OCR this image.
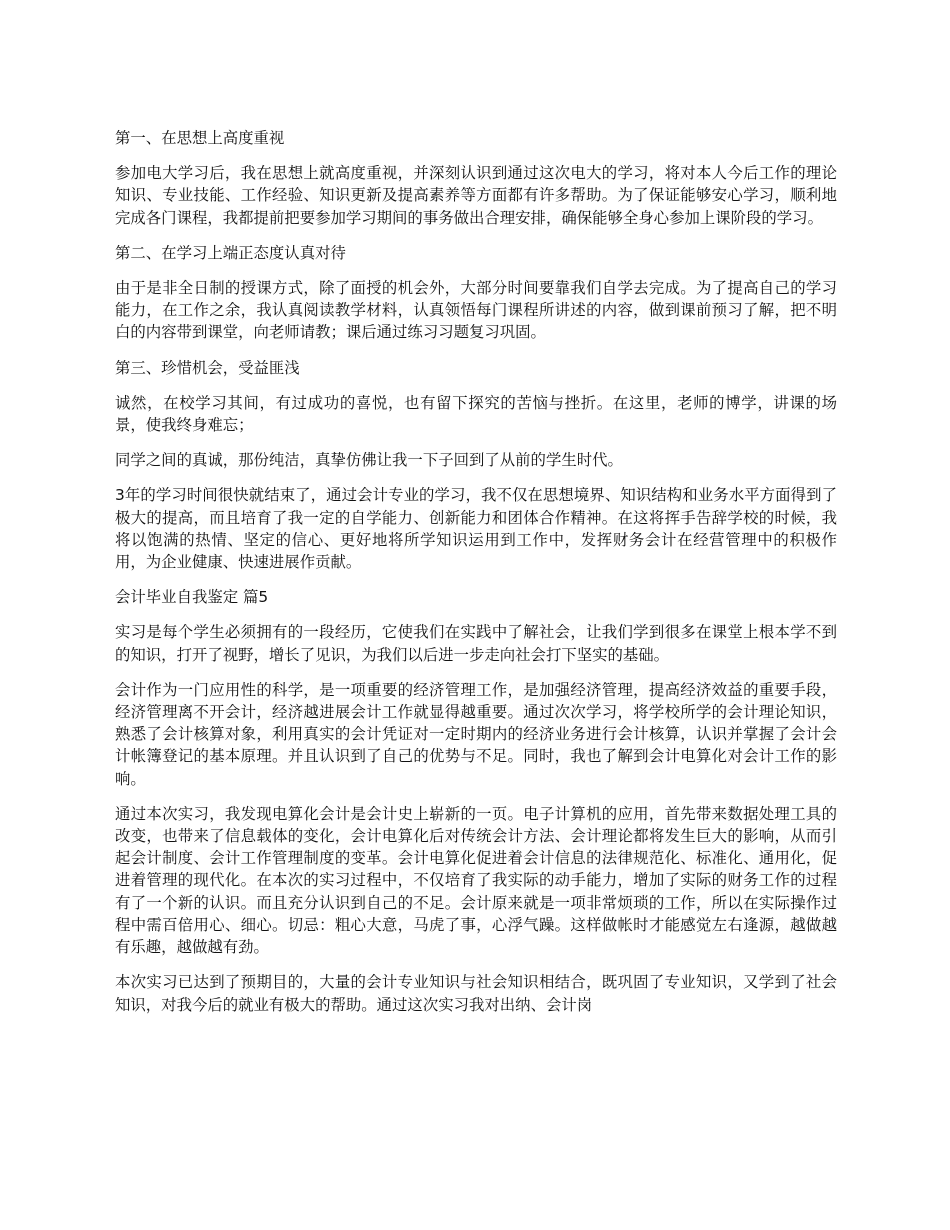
第一、在思想上高度重视
参加电大学习后，我在思想上就高度重视，并深刻认识到通过这次电大的学习，将对本人今后工作的理论知识、专业技能、工作经验、知识更新及提高素养等方面都有许多帮助。为了保证能够安心学习，顺利地完成各门课程，我都提前把要参加学习期间的事务做出合理安排，确保能够全身心参加上课阶段的学习。
第二、在学习上端正态度认真对待
由于是非全日制的授课方式，除了面授的机会外，大部分时间要靠我们自学去完成。为了提高自己的学习能力，在工作之余，我认真阅读教学材料，认真领悟每门课程所讲述的内容，做到课前预习了解，把不明白的内容带到课堂，向老师请教；课后通过练习习题复习巩固。
第三、珍惜机会，受益匪浅
诚然，在校学习其间，有过成功的喜悦，也有留下探究的苦恼与挫折。在这里，老师的博学，讲课的场景，使我终身难忘；
同学之间的真诚，那份纯洁，真挚仿佛让我一下子回到了从前的学生时代。
3年的学习时间很快就结束了，通过会计专业的学习，我不仅在思想境界、知识结构和业务水平方面得到了极大的提高，而且培育了我一定的自学能力、创新能力和团体合作精神。在这将挥手告辞学校的时候，我将以饱满的热情、坚定的信心、更好地将所学知识运用到工作中，发挥财务会计在经营管理中的积极作用，为企业健康、快速进展作贡献。
会计毕业自我鉴定 篇5
实习是每个学生必须拥有的一段经历，它使我们在实践中了解社会，让我们学到很多在课堂上根本学不到的知识，打开了视野，增长了见识，为我们以后进一步走向社会打下坚实的基础。
会计作为一门应用性的科学，是一项重要的经济管理工作，是加强经济管理，提高经济效益的重要手段，经济管理离不开会计，经济越进展会计工作就显得越重要。通过次次学习，将学校所学的会计理论知识，熟悉了会计核算对象，利用真实的会计凭证对一定时期内的经济业务进行会计核算，认识并掌握了会计会计帐簿登记的基本原理。并且认识到了自己的优势与不足。同时，我也了解到会计电算化对会计工作的影响。
通过本次实习，我发现电算化会计是会计史上崭新的一页。电子计算机的应用，首先带来数据处理工具的改变，也带来了信息载体的变化，会计电算化后对传统会计方法、会计理论都将发生巨大的影响，从而引起会计制度、会计工作管理制度的变革。会计电算化促进着会计信息的法律规范化、标准化、通用化，促进着管理的现代化。在本次的实习过程中，不仅培育了我实际的动手能力，增加了实际的财务工作的过程有了一个新的认识。而且充分认识到自己的不足。会计原来就是一项非常烦琐的工作，所以在实际操作过程中需百倍用心、细心。切忌：粗心大意，马虎了事，心浮气躁。这样做帐时才能感觉左右逢源，越做越有乐趣，越做越有劲。
本次实习已达到了预期目的，大量的会计专业知识与社会知识相结合，既巩固了专业知识，又学到了社会知识，对我今后的就业有极大的帮助。通过这次实习我对出纳、会计岗
